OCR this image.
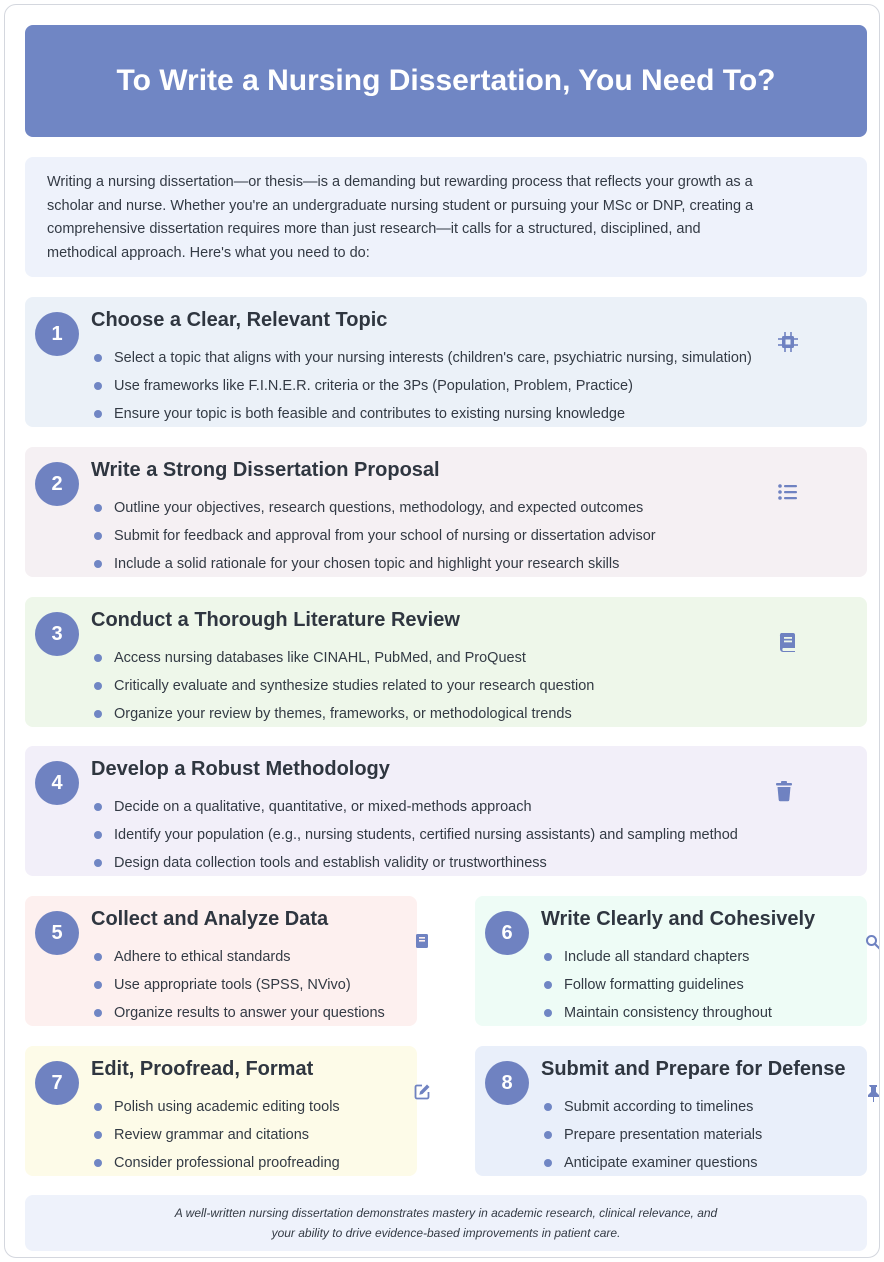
To Write a Nursing Dissertation, You Need To?

Writing a nursing dissertation—or thesis—is a demanding but rewarding process that reflects your growth as a scholar and nurse. Whether you're an undergraduate nursing student or pursuing your MSc or DNP, creating a comprehensive dissertation requires more than just research—it calls for a structured, disciplined, and methodical approach. Here's what you need to do:

1
Choose a Clear, Relevant Topic
Select a topic that aligns with your nursing interests (children's care, psychiatric nursing, simulation)
Use frameworks like F.I.N.E.R. criteria or the 3Ps (Population, Problem, Practice)
Ensure your topic is both feasible and contributes to existing nursing knowledge
2
Write a Strong Dissertation Proposal
Outline your objectives, research questions, methodology, and expected outcomes
Submit for feedback and approval from your school of nursing or dissertation advisor
Include a solid rationale for your chosen topic and highlight your research skills
3
Conduct a Thorough Literature Review
Access nursing databases like CINAHL, PubMed, and ProQuest
Critically evaluate and synthesize studies related to your research question
Organize your review by themes, frameworks, or methodological trends
4
Develop a Robust Methodology
Decide on a qualitative, quantitative, or mixed-methods approach
Identify your population (e.g., nursing students, certified nursing assistants) and sampling method
Design data collection tools and establish validity or trustworthiness
5
Collect and Analyze Data
Adhere to ethical standards
Use appropriate tools (SPSS, NVivo)
Organize results to answer your questions
6
Write Clearly and Cohesively
Include all standard chapters
Follow formatting guidelines
Maintain consistency throughout
7
Edit, Proofread, Format
Polish using academic editing tools
Review grammar and citations
Consider professional proofreading
8
Submit and Prepare for Defense
Submit according to timelines
Prepare presentation materials
Anticipate examiner questions
A well-written nursing dissertation demonstrates mastery in academic research, clinical relevance, and your ability to drive evidence-based improvements in patient care.
